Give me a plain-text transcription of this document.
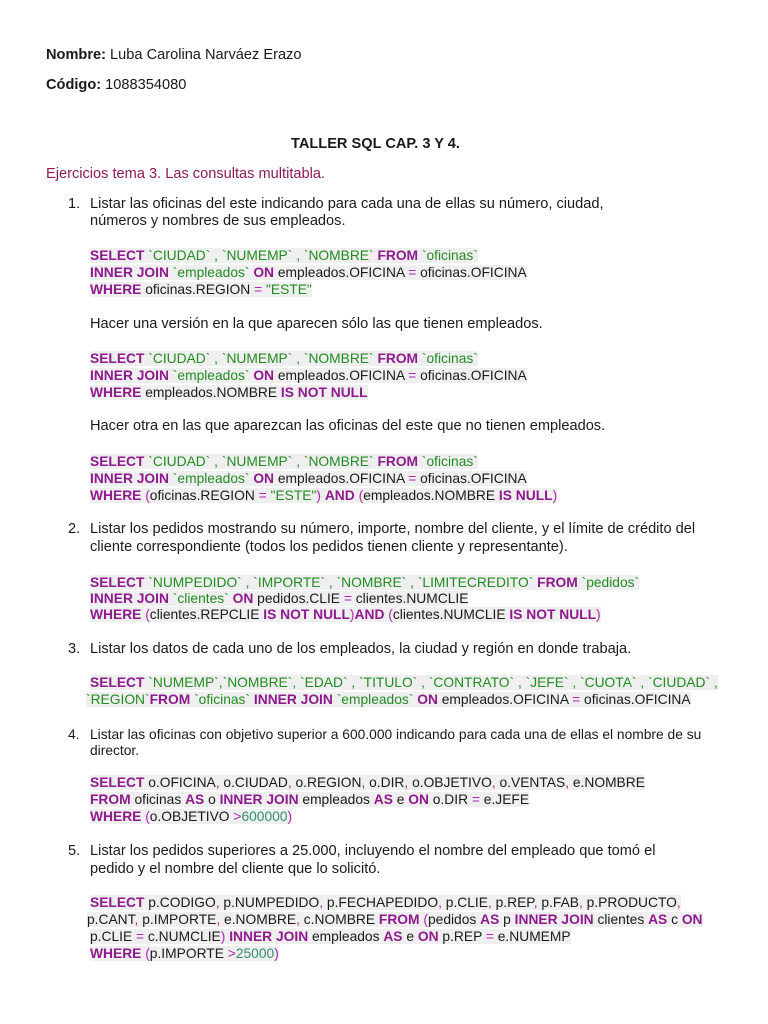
Nombre: Luba Carolina Narváez Erazo
Código: 1088354080
TALLER SQL CAP. 3 Y 4.
Ejercicios tema 3. Las consultas multitabla.
1. Listar las oficinas del este indicando para cada una de ellas su número, ciudad,
números y nombres de sus empleados.
SELECT `CIUDAD` , `NUMEMP` , `NOMBRE` FROM `oficinas`
INNER JOIN `empleados` ON empleados.OFICINA = oficinas.OFICINA
WHERE oficinas.REGION = "ESTE"
Hacer una versión en la que aparecen sólo las que tienen empleados.
SELECT `CIUDAD` , `NUMEMP` , `NOMBRE` FROM `oficinas`
INNER JOIN `empleados` ON empleados.OFICINA = oficinas.OFICINA
WHERE empleados.NOMBRE IS NOT NULL
Hacer otra en las que aparezcan las oficinas del este que no tienen empleados.
SELECT `CIUDAD` , `NUMEMP` , `NOMBRE` FROM `oficinas`
INNER JOIN `empleados` ON empleados.OFICINA = oficinas.OFICINA
WHERE (oficinas.REGION = "ESTE") AND (empleados.NOMBRE IS NULL)
2. Listar los pedidos mostrando su número, importe, nombre del cliente, y el límite de crédito del
cliente correspondiente (todos los pedidos tienen cliente y representante).
SELECT `NUMPEDIDO` , `IMPORTE` , `NOMBRE` , `LIMITECREDITO` FROM `pedidos`
INNER JOIN `clientes` ON pedidos.CLIE = clientes.NUMCLIE
WHERE (clientes.REPCLIE IS NOT NULL)AND (clientes.NUMCLIE IS NOT NULL)
3. Listar los datos de cada uno de los empleados, la ciudad y región en donde trabaja.
SELECT `NUMEMP`,`NOMBRE`, `EDAD` , `TITULO` , `CONTRATO` , `JEFE` , `CUOTA` , `CIUDAD` ,
`REGION`FROM `oficinas` INNER JOIN `empleados` ON empleados.OFICINA = oficinas.OFICINA
4. Listar las oficinas con objetivo superior a 600.000 indicando para cada una de ellas el nombre de su
director.
SELECT o.OFICINA, o.CIUDAD, o.REGION, o.DIR, o.OBJETIVO, o.VENTAS, e.NOMBRE
FROM oficinas AS o INNER JOIN empleados AS e ON o.DIR = e.JEFE
WHERE (o.OBJETIVO >600000)
5. Listar los pedidos superiores a 25.000, incluyendo el nombre del empleado que tomó el
pedido y el nombre del cliente que lo solicitó.
SELECT p.CODIGO, p.NUMPEDIDO, p.FECHAPEDIDO, p.CLIE, p.REP, p.FAB, p.PRODUCTO,
p.CANT, p.IMPORTE, e.NOMBRE, c.NOMBRE FROM (pedidos AS p INNER JOIN clientes AS c ON
p.CLIE = c.NUMCLIE) INNER JOIN empleados AS e ON p.REP = e.NUMEMP
WHERE (p.IMPORTE >25000)
